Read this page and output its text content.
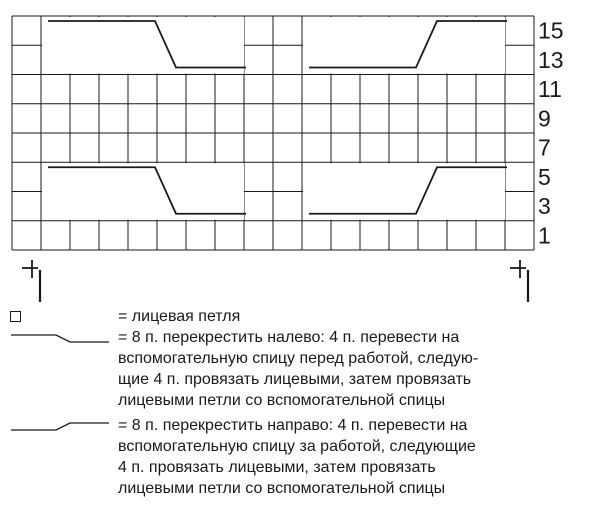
15
13
11
9
7
5
3
1
= лицевая петля
= 8 п. перекрестить налево: 4 п. перевести на
вспомогательную спицу перед работой, следую-
щие 4 п. провязать лицевыми, затем провязать
лицевыми петли со вспомогательной спицы
= 8 п. перекрестить направо: 4 п. перевести на
вспомогательную спицу за работой, следующие
4 п. провязать лицевыми, затем провязать
лицевыми петли со вспомогательной спицы
